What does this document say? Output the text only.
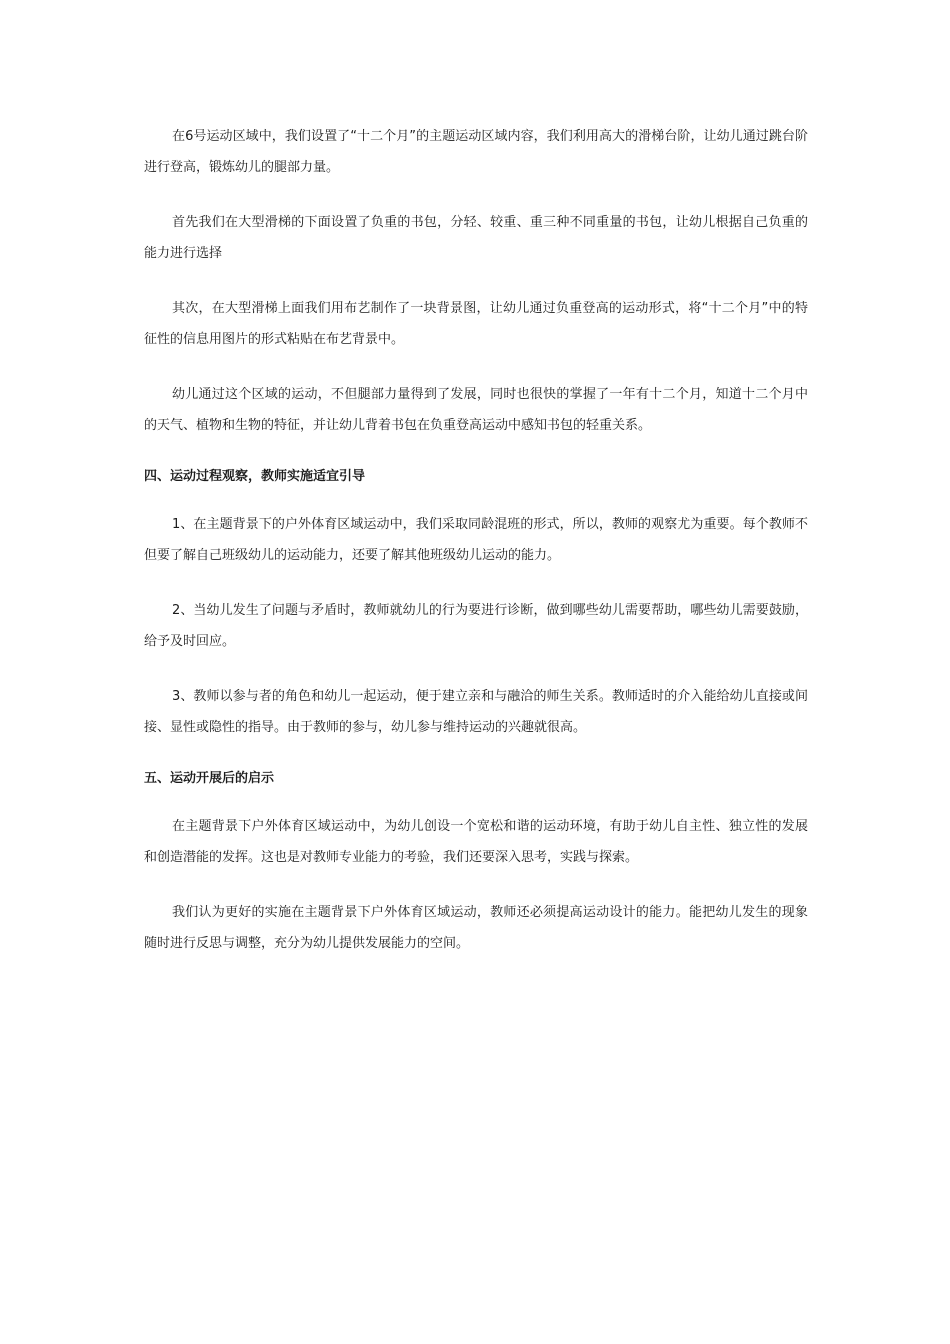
在6号运动区域中，我们设置了“十二个月”的主题运动区域内容，我们利用高大的滑梯台阶，让幼儿通过跳台阶进行登高，锻炼幼儿的腿部力量。

首先我们在大型滑梯的下面设置了负重的书包，分轻、较重、重三种不同重量的书包，让幼儿根据自己负重的能力进行选择

其次，在大型滑梯上面我们用布艺制作了一块背景图，让幼儿通过负重登高的运动形式，将“十二个月”中的特征性的信息用图片的形式粘贴在布艺背景中。

幼儿通过这个区域的运动，不但腿部力量得到了发展，同时也很快的掌握了一年有十二个月，知道十二个月中的天气、植物和生物的特征，并让幼儿背着书包在负重登高运动中感知书包的轻重关系。

四、运动过程观察，教师实施适宜引导

1、在主题背景下的户外体育区域运动中，我们采取同龄混班的形式，所以，教师的观察尤为重要。每个教师不但要了解自己班级幼儿的运动能力，还要了解其他班级幼儿运动的能力。

2、当幼儿发生了问题与矛盾时，教师就幼儿的行为要进行诊断，做到哪些幼儿需要帮助，哪些幼儿需要鼓励，给予及时回应。

3、教师以参与者的角色和幼儿一起运动，便于建立亲和与融洽的师生关系。教师适时的介入能给幼儿直接或间接、显性或隐性的指导。由于教师的参与，幼儿参与维持运动的兴趣就很高。

五、运动开展后的启示

在主题背景下户外体育区域运动中，为幼儿创设一个宽松和谐的运动环境，有助于幼儿自主性、独立性的发展和创造潜能的发挥。这也是对教师专业能力的考验，我们还要深入思考，实践与探索。

我们认为更好的实施在主题背景下户外体育区域运动，教师还必须提高运动设计的能力。能把幼儿发生的现象随时进行反思与调整，充分为幼儿提供发展能力的空间。
